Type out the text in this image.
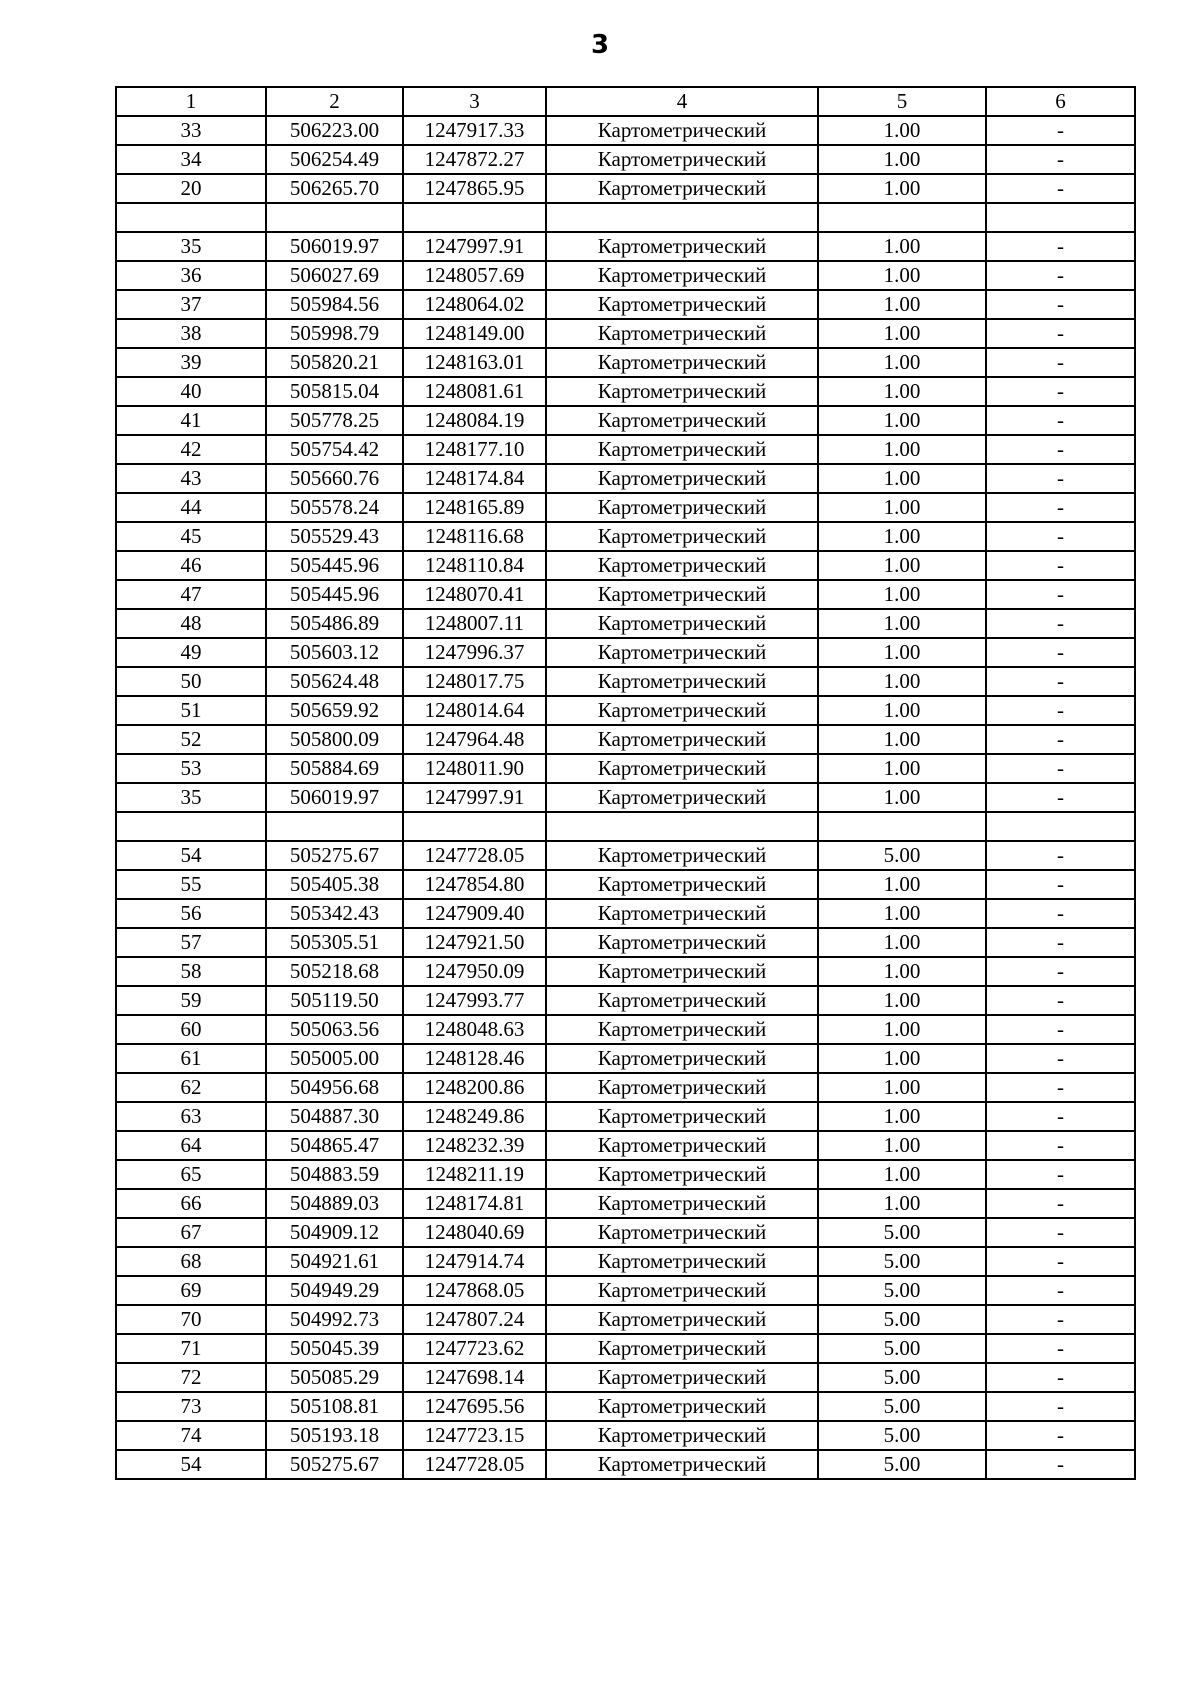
3
1	2	3	4	5	6
33	506223.00	1247917.33	Картометрический	1.00	-
34	506254.49	1247872.27	Картометрический	1.00	-
20	506265.70	1247865.95	Картометрический	1.00	-

35	506019.97	1247997.91	Картометрический	1.00	-
36	506027.69	1248057.69	Картометрический	1.00	-
37	505984.56	1248064.02	Картометрический	1.00	-
38	505998.79	1248149.00	Картометрический	1.00	-
39	505820.21	1248163.01	Картометрический	1.00	-
40	505815.04	1248081.61	Картометрический	1.00	-
41	505778.25	1248084.19	Картометрический	1.00	-
42	505754.42	1248177.10	Картометрический	1.00	-
43	505660.76	1248174.84	Картометрический	1.00	-
44	505578.24	1248165.89	Картометрический	1.00	-
45	505529.43	1248116.68	Картометрический	1.00	-
46	505445.96	1248110.84	Картометрический	1.00	-
47	505445.96	1248070.41	Картометрический	1.00	-
48	505486.89	1248007.11	Картометрический	1.00	-
49	505603.12	1247996.37	Картометрический	1.00	-
50	505624.48	1248017.75	Картометрический	1.00	-
51	505659.92	1248014.64	Картометрический	1.00	-
52	505800.09	1247964.48	Картометрический	1.00	-
53	505884.69	1248011.90	Картометрический	1.00	-
35	506019.97	1247997.91	Картометрический	1.00	-

54	505275.67	1247728.05	Картометрический	5.00	-
55	505405.38	1247854.80	Картометрический	1.00	-
56	505342.43	1247909.40	Картометрический	1.00	-
57	505305.51	1247921.50	Картометрический	1.00	-
58	505218.68	1247950.09	Картометрический	1.00	-
59	505119.50	1247993.77	Картометрический	1.00	-
60	505063.56	1248048.63	Картометрический	1.00	-
61	505005.00	1248128.46	Картометрический	1.00	-
62	504956.68	1248200.86	Картометрический	1.00	-
63	504887.30	1248249.86	Картометрический	1.00	-
64	504865.47	1248232.39	Картометрический	1.00	-
65	504883.59	1248211.19	Картометрический	1.00	-
66	504889.03	1248174.81	Картометрический	1.00	-
67	504909.12	1248040.69	Картометрический	5.00	-
68	504921.61	1247914.74	Картометрический	5.00	-
69	504949.29	1247868.05	Картометрический	5.00	-
70	504992.73	1247807.24	Картометрический	5.00	-
71	505045.39	1247723.62	Картометрический	5.00	-
72	505085.29	1247698.14	Картометрический	5.00	-
73	505108.81	1247695.56	Картометрический	5.00	-
74	505193.18	1247723.15	Картометрический	5.00	-
54	505275.67	1247728.05	Картометрический	5.00	-
